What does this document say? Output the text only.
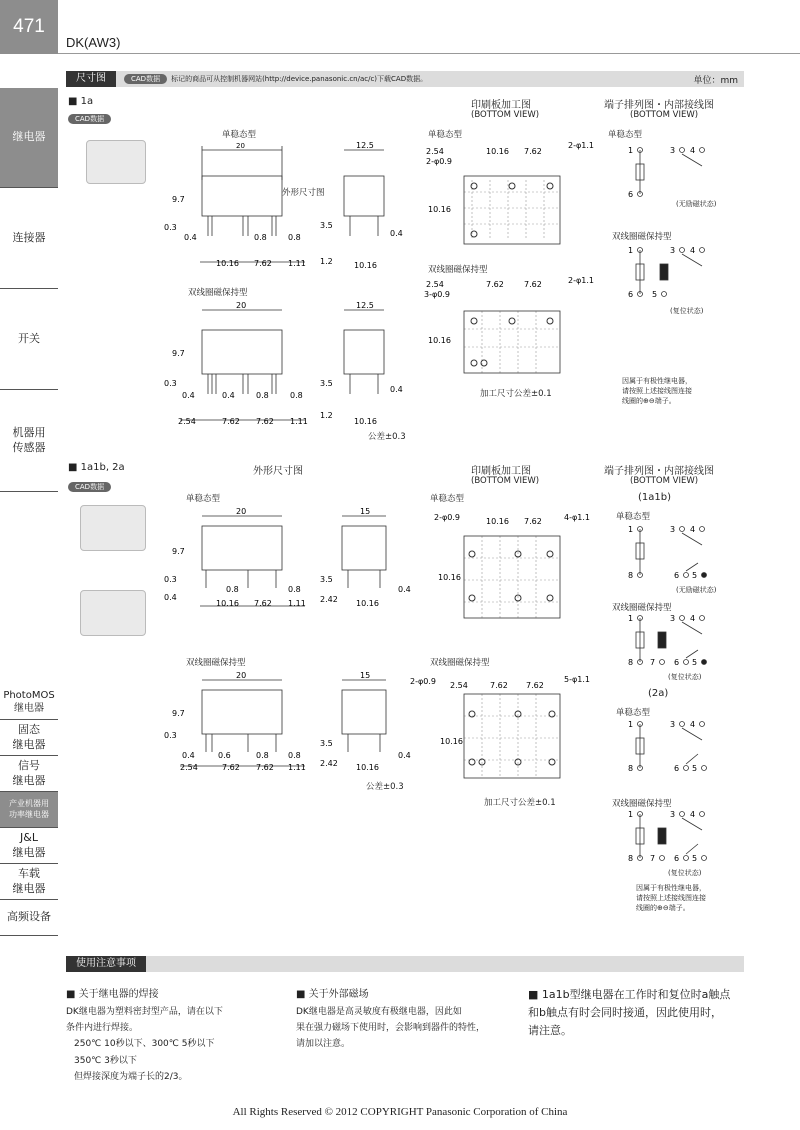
471
DK(AW3)
继电器
连接器
开关
机器用
传感器
PhotoMOS
继电器
固态
继电器
信号
继电器
产业机器用
功率继电器
J&L
继电器
车载
继电器
高频设备
尺寸图	CAD数据	标记的商品可从控制机器网站(http://device.panasonic.cn/ac/c)下载CAD数据。	单位：mm
■ 1a
CAD数据
印刷板加工图
(BOTTOM VIEW)
端子排列图・内部接线图
(BOTTOM VIEW)
单稳态型
外形尺寸图
双线圈磁保持型
单稳态型
双线圈磁保持型
单稳态型
双线圈磁保持型
(无励磁状态)
(复位状态)
公差±0.3
加工尺寸公差±0.1
因属于有极性继电器，
请按照上述接线图连接
线圈的⊕⊖端子。
20
9.7
0.3
0.4	0.8	0.8
10.16 7.62 1.11
12.5
3.5
0.4
1.2	10.16
20
9.7
0.3
0.4	0.4	0.8	0.8
2.54	7.62 7.62 1.11
12.5
3.5
0.4
1.2
10.16
2.54
2-φ0.9
10.16 7.62
2-φ1.1
10.16
2.54
3-φ0.9
7.62	7.62	2-φ1.1
10.16
1
6
3 4
1
6 5
3 4
■ 1a1b, 2a
CAD数据
外形尺寸图	印刷板加工图
(BOTTOM VIEW)
端子排列图・内部接线图
(BOTTOM VIEW)
(1a1b)
单稳态型	单稳态型
单稳态型
双线圈磁保持型	双线圈磁保持型
双线圈磁保持型
(无励磁状态)
(复位状态)
(2a)
单稳态型
双线圈磁保持型
(复位状态)
公差±0.3
加工尺寸公差±0.1
因属于有极性继电器，
请按照上述接线图连接
线圈的⊕⊖端子。
20
9.7
0.3
0.4
0.8	0.8
10.16 7.62 1.11
15
3.5
0.4
2.42 10.16
20
9.7
0.3
0.4	0.6	0.8 0.8
2.54	7.62 7.62 1.11
15
3.5
0.4
2.42 10.16
2-φ0.9	10.16 7.62	4-φ1.1
10.16
2-φ0.9 2.54	7.62 7.62
5-φ1.1
10.16
1
8
3 4
6 5
1
8 7
3 4
6 5
1
8
3 4
6 5
1
8 7
3 4
6 5
使用注意事项

■ 关于继电器的焊接

DK继电器为塑料密封型产品，请在以下

条件内进行焊接。

250℃ 10秒以下、300℃ 5秒以下

350℃ 3秒以下

但焊接深度为端子长的2/3。

■ 关于外部磁场

DK继电器是高灵敏度有极继电器，因此如

果在强力磁场下使用时，会影响到器件的特性，

请加以注意。

■ 1a1b型继电器在工作时和复位时a触点

和b触点有时会同时接通，因此使用时，

请注意。

All Rights Reserved © 2012 COPYRIGHT Panasonic Corporation of China
